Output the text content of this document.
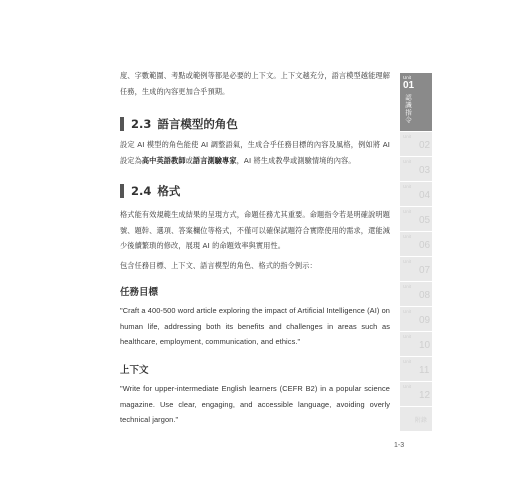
度、字數範圍、考點或範例等都是必要的上下文。上下文越充分，語言模型越能理解任務，生成的內容更加合乎預期。
2.3 語言模型的角色
設定 AI 模型的角色能使 AI 調整語氣，生成合乎任務目標的內容及風格，例如將 AI 設定為高中英語教師或語言測驗專家，AI 將生成教學或測驗情境的內容。
2.4 格式
格式能有效規範生成結果的呈現方式，命題任務尤其重要。命題指令若是明確說明題號、題幹、選項、答案欄位等格式，不僅可以確保試題符合實際使用的需求，還能減少後續繁瑣的修改，展現 AI 的命題效率與實用性。
包含任務目標、上下文、語言模型的角色、格式的指令例示：
任務目標
"Craft a 400-500 word article exploring the impact of Artificial Intelligence (AI) on human life, addressing both its benefits and challenges in areas such as healthcare, employment, communication, and ethics."
上下文
"Write for upper-intermediate English learners (CEFR B2) in a popular science magazine. Use clear, engaging, and accessible language, avoiding overly technical jargon."
1-3
Unit
01
認識指令
Unit
02
Unit
03
Unit
04
Unit
05
Unit
06
Unit
07
Unit
08
Unit
09
Unit
10
Unit
11
Unit
12
附錄
